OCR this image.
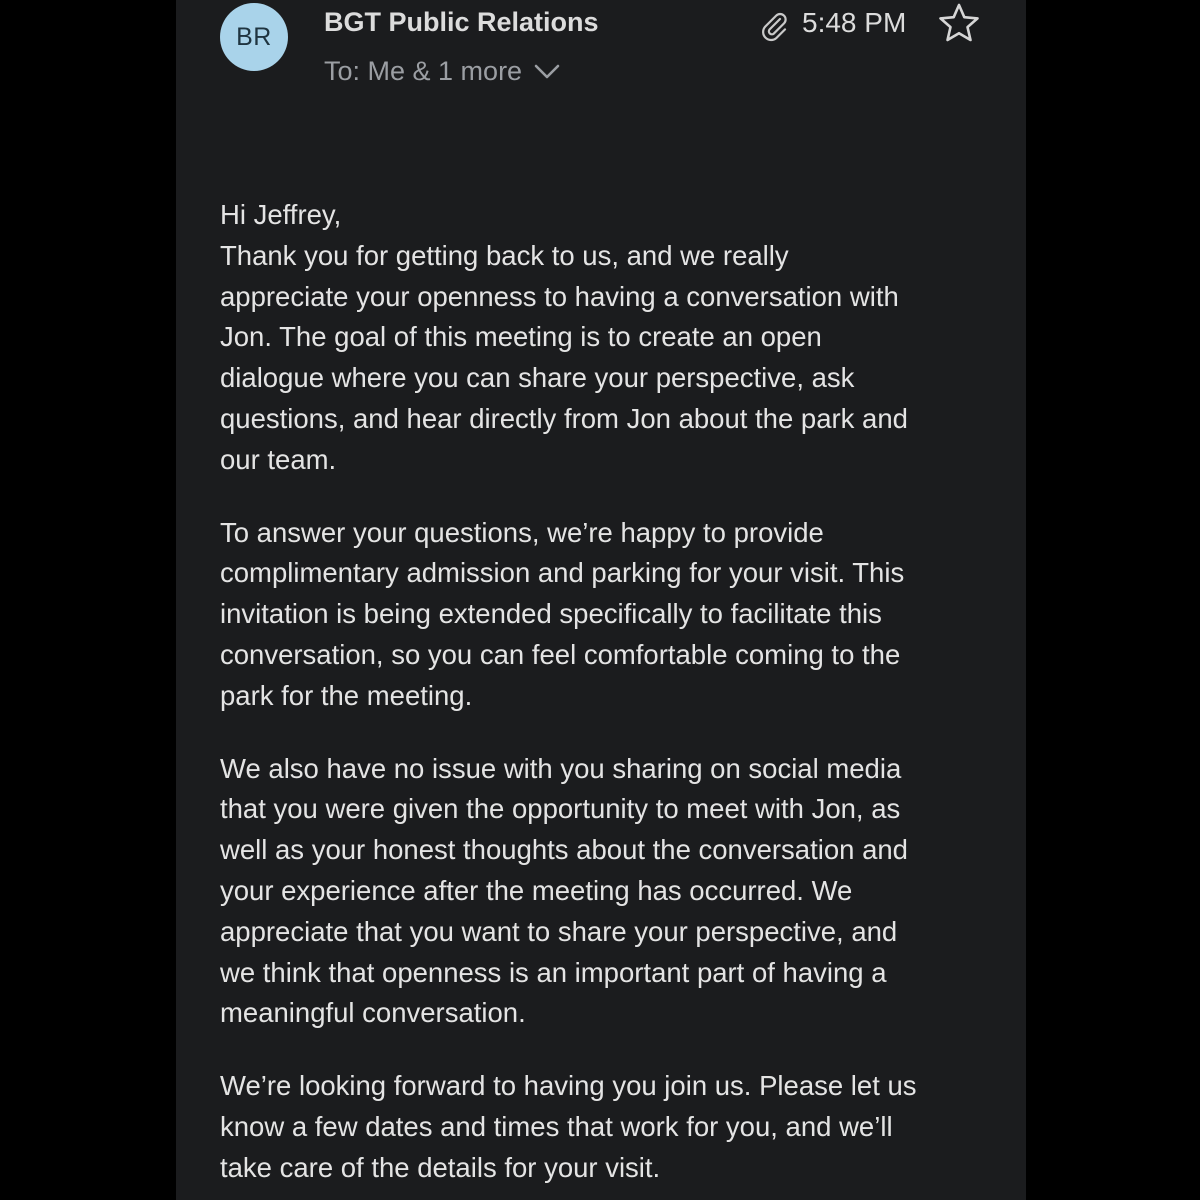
BR BGT Public Relations
To: Me & 1 more
5:48 PM

Hi Jeffrey,
Thank you for getting back to us, and we really
appreciate your openness to having a conversation with
Jon. The goal of this meeting is to create an open
dialogue where you can share your perspective, ask
questions, and hear directly from Jon about the park and
our team.

To answer your questions, we’re happy to provide
complimentary admission and parking for your visit. This
invitation is being extended specifically to facilitate this
conversation, so you can feel comfortable coming to the
park for the meeting.

We also have no issue with you sharing on social media
that you were given the opportunity to meet with Jon, as
well as your honest thoughts about the conversation and
your experience after the meeting has occurred. We
appreciate that you want to share your perspective, and
we think that openness is an important part of having a
meaningful conversation.

We’re looking forward to having you join us. Please let us
know a few dates and times that work for you, and we’ll
take care of the details for your visit.
